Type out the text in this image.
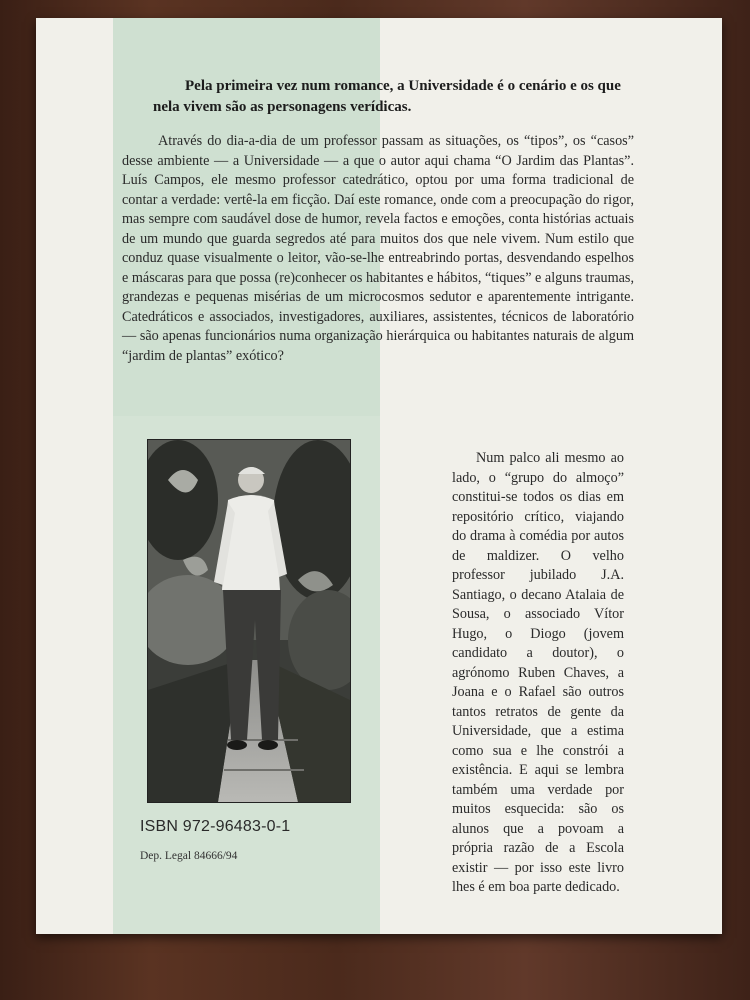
Pela primeira vez num romance, a Universidade é o cenário e os que nela vivem são as personagens verídicas.

Através do dia-a-dia de um professor passam as situações, os “tipos”, os “casos” desse ambiente — a Universidade — a que o autor aqui chama “O Jardim das Plantas”. Luís Campos, ele mesmo professor catedrático, optou por uma forma tradicional de contar a verdade: vertê-la em ficção. Daí este romance, onde com a preocupação do rigor, mas sempre com saudável dose de humor, revela factos e emoções, conta histórias actuais de um mundo que guarda segredos até para muitos dos que nele vivem. Num estilo que conduz quase visualmente o leitor, vão-se-lhe entreabrindo portas, desvendando espelhos e máscaras para que possa (re)conhecer os habitantes e hábitos, “tiques” e alguns traumas, grandezas e pequenas misérias de um microcosmos sedutor e aparentemente intrigante. Catedráticos e associados, investigadores, auxiliares, assistentes, técnicos de laboratório — são apenas funcionários numa organização hierárquica ou habitantes naturais de algum “jardim de plantas” exótico?

Num palco ali mesmo ao lado, o “grupo do almoço” constitui-se todos os dias em repositório crítico, viajando do drama à comédia por autos de maldizer. O velho professor jubilado J.A. Santiago, o decano Atalaia de Sousa, o associado Vítor Hugo, o Diogo (jovem candidato a doutor), o agrónomo Ruben Chaves, a Joana e o Rafael são outros tantos retratos de gente da Universidade, que a estima como sua e lhe constrói a existência. E aqui se lembra também uma verdade por muitos esquecida: são os alunos que a povoam a própria razão de a Escola existir — por isso este livro lhes é em boa parte dedicado.

ISBN 972-96483-0-1
Dep. Legal 84666/94
